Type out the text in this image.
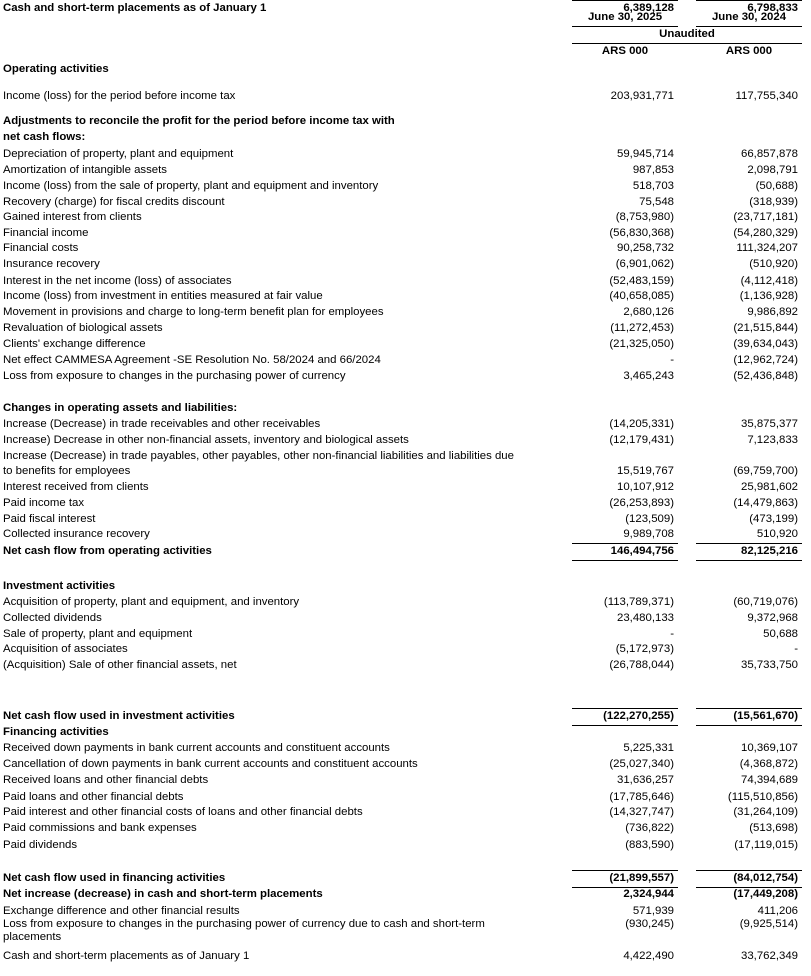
June 30, 2025	June 30, 2024
Unaudited
ARS 000	ARS 000
Operating activities
Income (loss) for the period before income tax	203,931,771	117,755,340
Adjustments to reconcile the profit for the period before income tax with
net cash flows:
Depreciation of property, plant and equipment	59,945,714	66,857,878
Amortization of intangible assets	987,853	2,098,791
Income (loss) from the sale of property, plant and equipment and inventory	518,703	(50,688)
Recovery (charge) for fiscal credits discount	75,548	(318,939)
Gained interest from clients	(8,753,980)	(23,717,181)
Financial income	(56,830,368)	(54,280,329)
Financial costs	90,258,732	111,324,207
Insurance recovery	(6,901,062)	(510,920)
Interest in the net income (loss) of associates	(52,483,159)	(4,112,418)
Income (loss) from investment in entities measured at fair value	(40,658,085)	(1,136,928)
Movement in provisions and charge to long-term benefit plan for employees	2,680,126	9,986,892
Revaluation of biological assets	(11,272,453)	(21,515,844)
Clients' exchange difference	(21,325,050)	(39,634,043)
Net effect CAMMESA Agreement -SE Resolution No. 58/2024 and 66/2024	-	(12,962,724)
Loss from exposure to changes in the purchasing power of currency	3,465,243	(52,436,848)
Changes in operating assets and liabilities:
Increase (Decrease) in trade receivables and other receivables	(14,205,331)	35,875,377
Increase) Decrease in other non-financial assets, inventory and biological assets	(12,179,431)	7,123,833
Increase (Decrease) in trade payables, other payables, other non-financial liabilities and liabilities due
to benefits for employees	15,519,767	(69,759,700)
Interest received from clients	10,107,912	25,981,602
Paid income tax	(26,253,893)	(14,479,863)
Paid fiscal interest	(123,509)	(473,199)
Collected insurance recovery	9,989,708	510,920
Net cash flow from operating activities	146,494,756	82,125,216
Investment activities
Acquisition of property, plant and equipment, and inventory	(113,789,371)	(60,719,076)
Collected dividends	23,480,133	9,372,968
Sale of property, plant and equipment	-	50,688
Acquisition of associates	(5,172,973)	-
(Acquisition) Sale of other financial assets, net	(26,788,044)	35,733,750
Net cash flow used in investment activities	(122,270,255)	(15,561,670)
Financing activities
Received down payments in bank current accounts and constituent accounts	5,225,331	10,369,107
Cancellation of down payments in bank current accounts and constituent accounts	(25,027,340)	(4,368,872)
Received loans and other financial debts	31,636,257	74,394,689
Paid loans and other financial debts	(17,785,646)	(115,510,856)
Paid interest and other financial costs of loans and other financial debts	(14,327,747)	(31,264,109)
Paid commissions and bank expenses	(736,822)	(513,698)
Paid dividends	(883,590)	(17,119,015)
Net cash flow used in financing activities	(21,899,557)	(84,012,754)
Net increase (decrease) in cash and short-term placements	2,324,944	(17,449,208)
Exchange difference and other financial results	571,939	411,206
Loss from exposure to changes in the purchasing power of currency due to cash and short-term	(930,245)	(9,925,514)
placements
Cash and short-term placements as of January 1	4,422,490	33,762,349
Cash and short-term placements as of January 1	6,389,128	6,798,833
